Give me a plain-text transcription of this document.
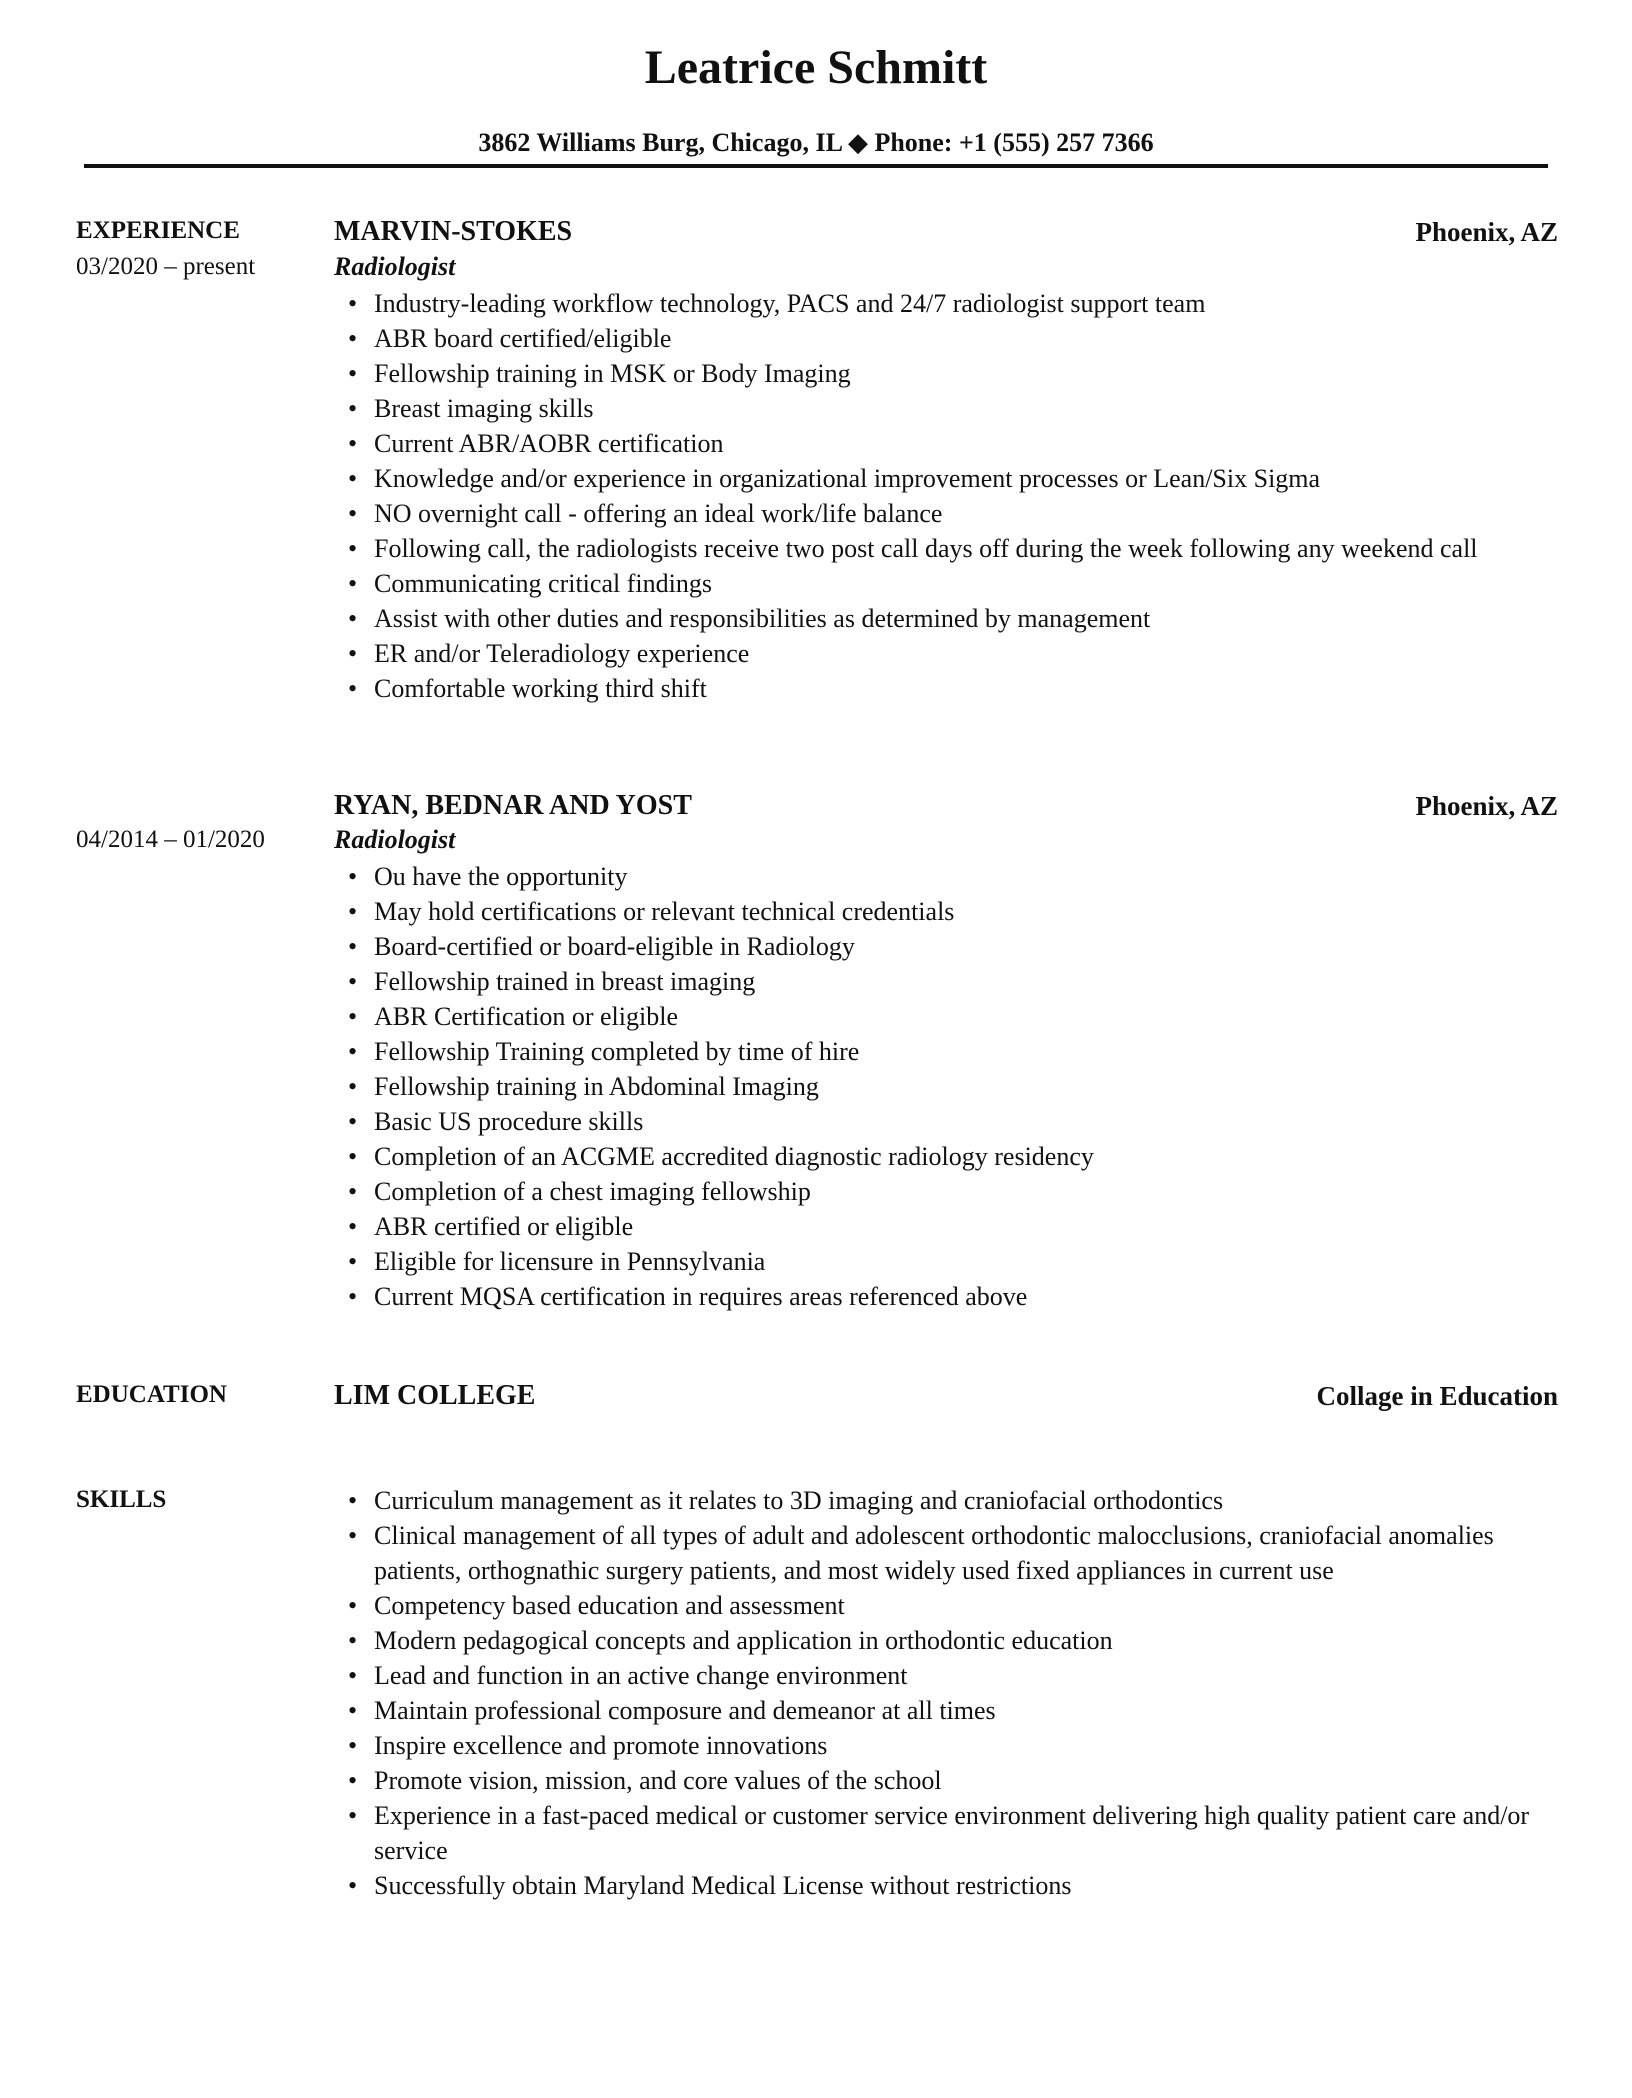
Leatrice Schmitt
3862 Williams Burg, Chicago, IL ◆ Phone: +1 (555) 257 7366
EXPERIENCE
03/2020 – present
MARVIN-STOKES	Phoenix, AZ
Radiologist
• Industry-leading workflow technology, PACS and 24/7 radiologist support team
• ABR board certified/eligible
• Fellowship training in MSK or Body Imaging
• Breast imaging skills
• Current ABR/AOBR certification
• Knowledge and/or experience in organizational improvement processes or Lean/Six Sigma
• NO overnight call - offering an ideal work/life balance
• Following call, the radiologists receive two post call days off during the week following any weekend call
• Communicating critical findings
• Assist with other duties and responsibilities as determined by management
• ER and/or Teleradiology experience
• Comfortable working third shift
04/2014 – 01/2020
RYAN, BEDNAR AND YOST	Phoenix, AZ
Radiologist
• Ou have the opportunity
• May hold certifications or relevant technical credentials
• Board-certified or board-eligible in Radiology
• Fellowship trained in breast imaging
• ABR Certification or eligible
• Fellowship Training completed by time of hire
• Fellowship training in Abdominal Imaging
• Basic US procedure skills
• Completion of an ACGME accredited diagnostic radiology residency
• Completion of a chest imaging fellowship
• ABR certified or eligible
• Eligible for licensure in Pennsylvania
• Current MQSA certification in requires areas referenced above
EDUCATION	LIM COLLEGE	Collage in Education
SKILLS
•	Curriculum management as it relates to 3D imaging and craniofacial orthodontics
• Clinical management of all types of adult and adolescent orthodontic malocclusions, craniofacial anomalies patients, orthognathic surgery patients, and most widely used fixed appliances in current use
• Competency based education and assessment
• Modern pedagogical concepts and application in orthodontic education
• Lead and function in an active change environment
• Maintain professional composure and demeanor at all times
• Inspire excellence and promote innovations
• Promote vision, mission, and core values of the school
• Experience in a fast-paced medical or customer service environment delivering high quality patient care and/or service
• Successfully obtain Maryland Medical License without restrictions
